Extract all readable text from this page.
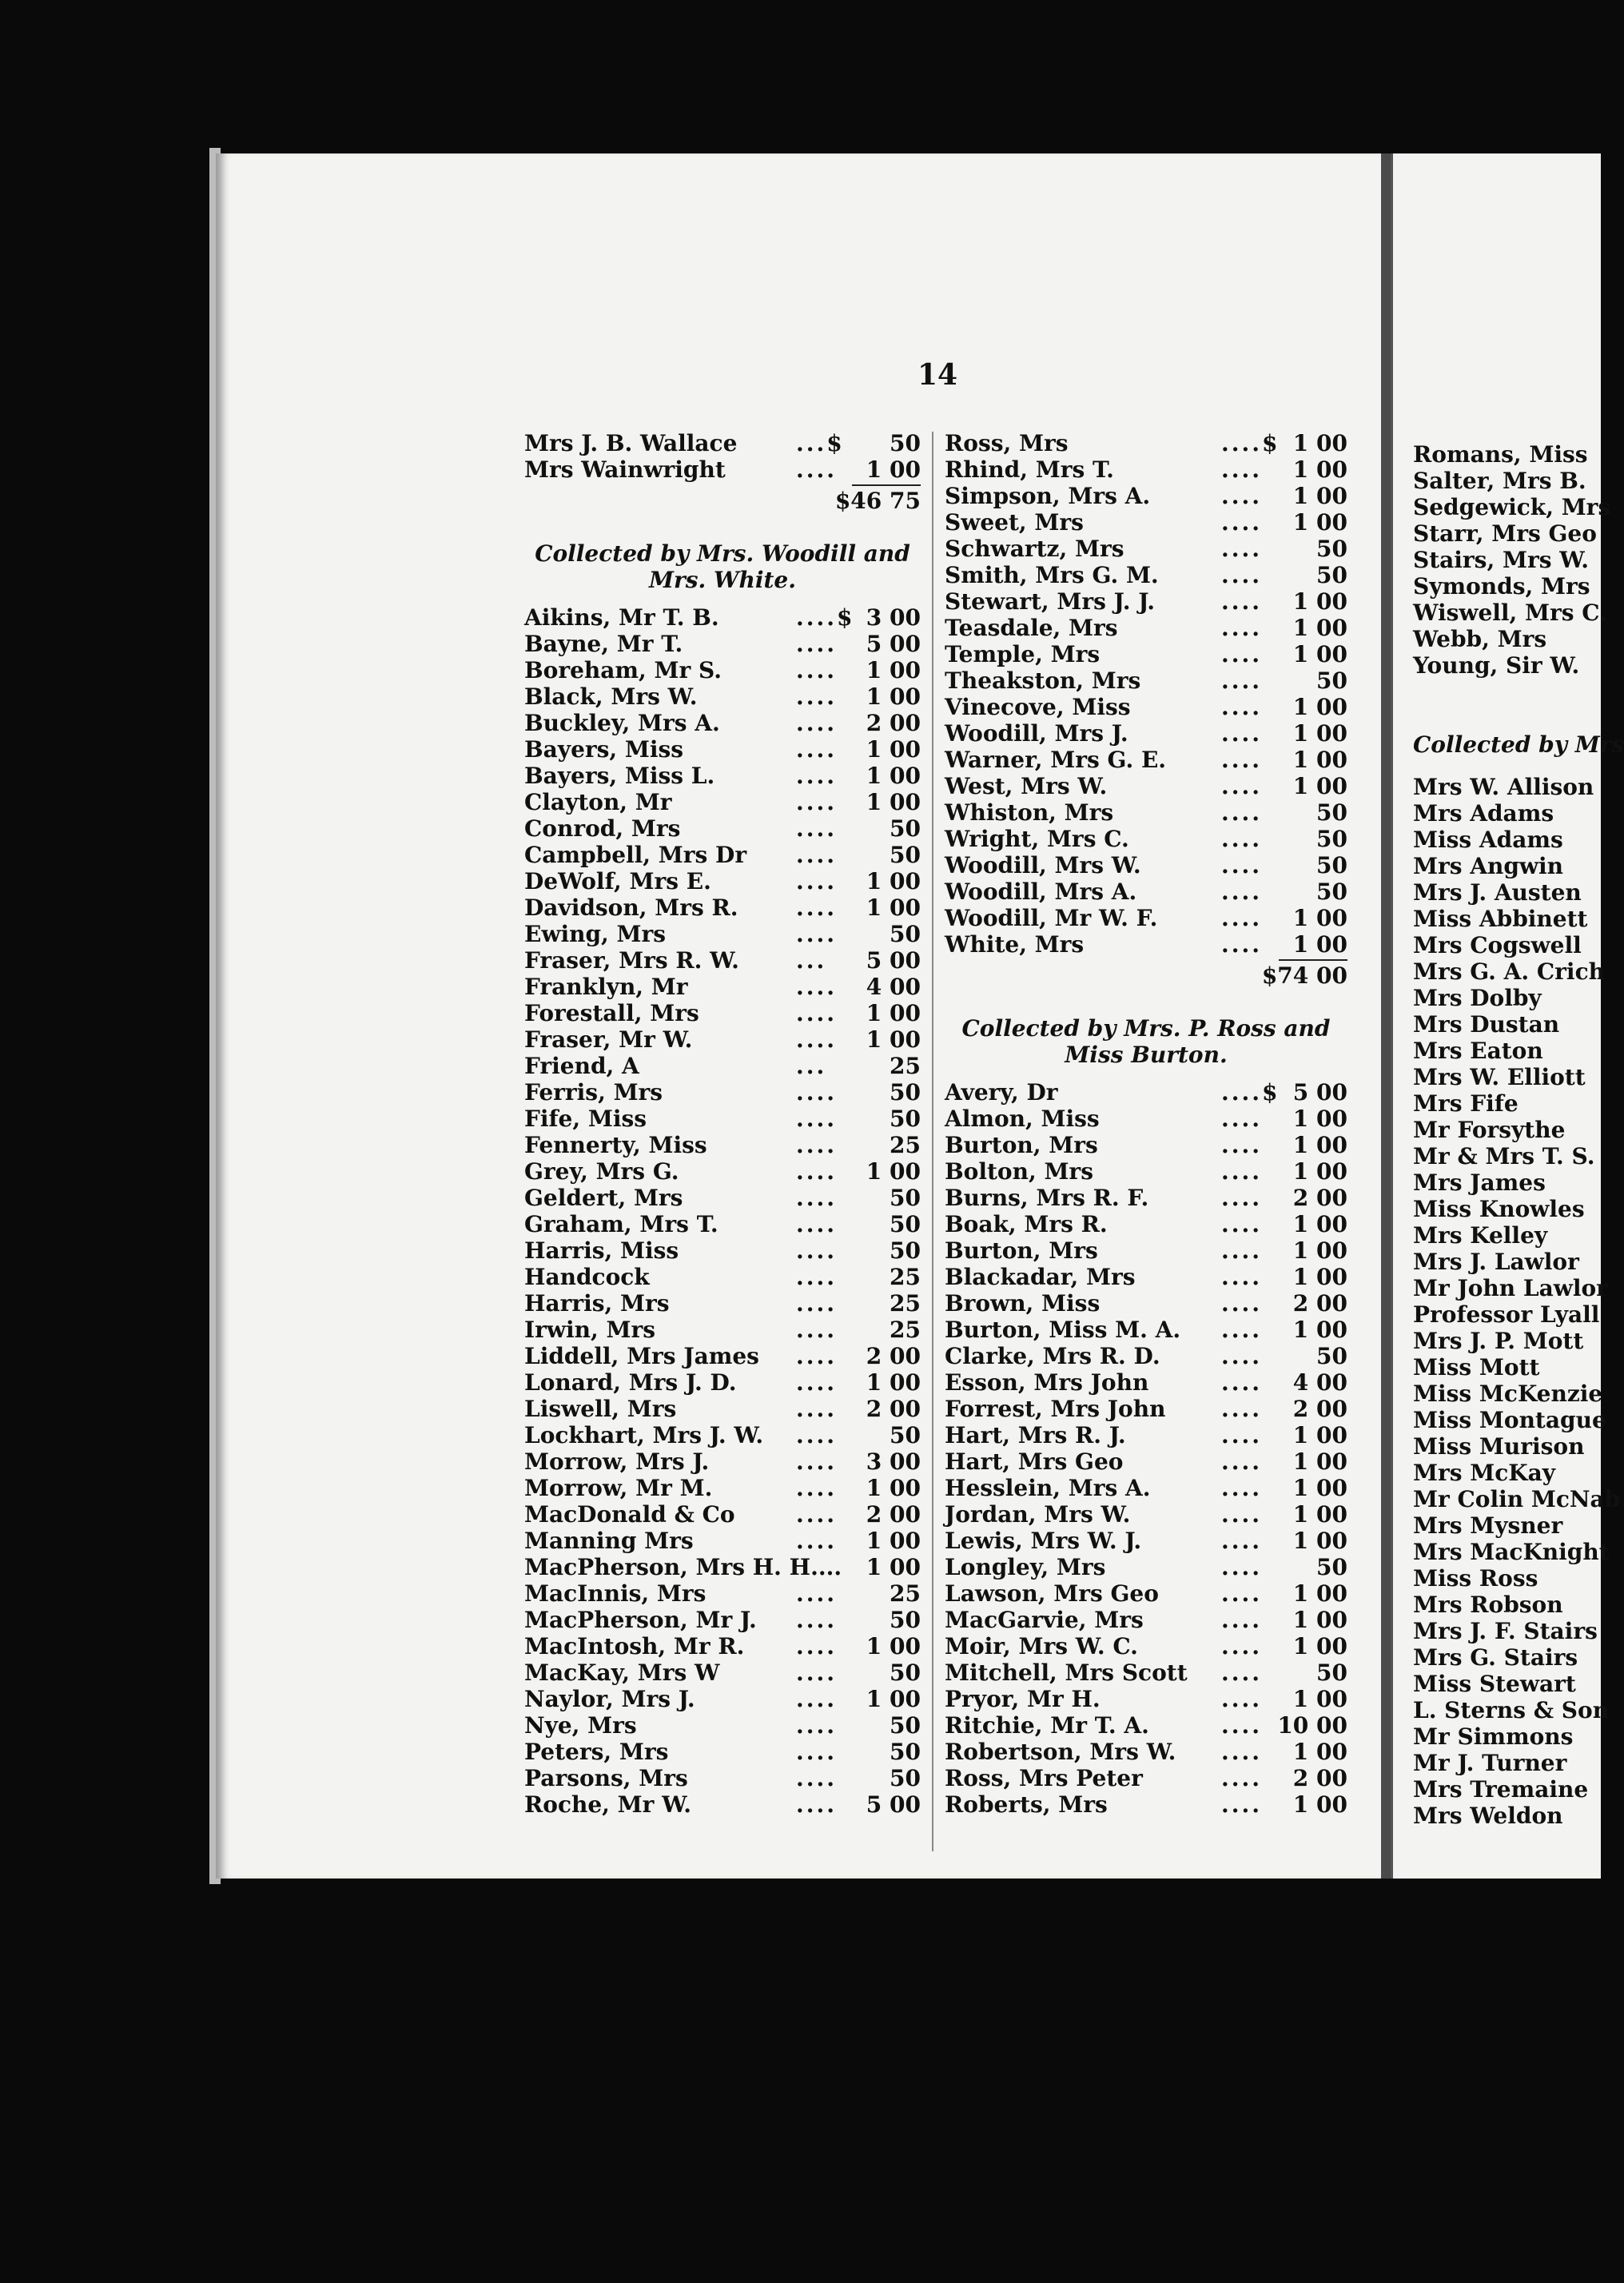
14
Mrs J. B. Wallace	...$ 50
Mrs Wainwright	.... 1 00
$46 75
Collected by Mrs. Woodill and
Mrs. White.
Aikins, Mr T. B.	....$ 3 00
Bayne, Mr T.	.... 5 00
Boreham, Mr S.	.... 1 00
Black, Mrs W.	.... 1 00
Buckley, Mrs A.	.... 2 00
Bayers, Miss	.... 1 00
Bayers, Miss L.	.... 1 00
Clayton, Mr	.... 1 00
Conrod, Mrs	.... 50
Campbell, Mrs Dr .... 50
DeWolf, Mrs E.	.... 1 00
Davidson, Mrs R.	.... 1 00
Ewing, Mrs	.... 50
Fraser, Mrs R. W.	... 5 00
Franklyn, Mr	.... 4 00
Forestall, Mrs	.... 1 00
Fraser, Mr W.	.... 1 00
Friend, A	...	25
Ferris, Mrs	.... 50
Fife, Miss	.... 50
Fennerty, Miss	.... 25
Grey, Mrs G.	.... 1 00
Geldert, Mrs	.... 50
Graham, Mrs T.	.... 50
Harris, Miss	.... 50
Handcock	.... 25
Harris, Mrs	.... 25
Irwin, Mrs	.... 25
Liddell, Mrs James .... 2 00
Lonard, Mrs J. D.	.... 1 00
Liswell, Mrs	.... 2 00
Lockhart, Mrs J. W. .... 50
Morrow, Mrs J.	.... 3 00
Morrow, Mr M.	.... 1 00
MacDonald & Co	.... 2 00
Manning Mrs	.... 1 00
MacPherson, Mrs H. H.... 1 00
MacInnis, Mrs	.... 25
MacPherson, Mr J. .... 50
MacIntosh, Mr R. .... 1 00
MacKay, Mrs W	.... 50
Naylor, Mrs J.	.... 1 00
Nye, Mrs	.... 50
Peters, Mrs	.... 50
Parsons, Mrs	.... 50
Roche, Mr W.	.... 5 00
Ross, Mrs	....$ 1 00
Rhind, Mrs T.	.... 1 00
Simpson, Mrs A.	.... 1 00
Sweet, Mrs	.... 1 00
Schwartz, Mrs	.... 50
Smith, Mrs G. M.	.... 50
Stewart, Mrs J. J.	.... 1 00
Teasdale, Mrs	.... 1 00
Temple, Mrs	.... 1 00
Theakston, Mrs	.... 50
Vinecove, Miss	.... 1 00
Woodill, Mrs J.	.... 1 00
Warner, Mrs G. E. .... 1 00
West, Mrs W.	.... 1 00
Whiston, Mrs	.... 50
Wright, Mrs C.	.... 50
Woodill, Mrs W.	.... 50
Woodill, Mrs A.	.... 50
Woodill, Mr W. F.	.... 1 00
White, Mrs	.... 1 00
$74 00
Collected by Mrs. P. Ross and
Miss Burton.
Avery, Dr	....$ 5 00
Almon, Miss	.... 1 00
Burton, Mrs	.... 1 00
Bolton, Mrs	.... 1 00
Burns, Mrs R. F.	.... 2 00
Boak, Mrs R.	.... 1 00
Burton, Mrs	.... 1 00
Blackadar, Mrs	.... 1 00
Brown, Miss	.... 2 00
Burton, Miss M. A. .... 1 00
Clarke, Mrs R. D.	.... 50
Esson, Mrs John	.... 4 00
Forrest, Mrs John .... 2 00
Hart, Mrs R. J.	.... 1 00
Hart, Mrs Geo	.... 1 00
Hesslein, Mrs A.	.... 1 00
Jordan, Mrs W.	.... 1 00
Lewis, Mrs W. J.	.... 1 00
Longley, Mrs	.... 50
Lawson, Mrs Geo	.... 1 00
MacGarvie, Mrs	.... 1 00
Moir, Mrs W. C.	.... 1 00
Mitchell, Mrs Scott .... 50
Pryor, Mr H.	.... 1 00
Ritchie, Mr T. A.	.... 10 00
Robertson, Mrs W. .... 1 00
Ross, Mrs Peter	.... 2 00
Roberts, Mrs	.... 1 00
Romans, Miss
Salter, Mrs B.
Sedgewick, Mrs
Starr, Mrs Geo
Stairs, Mrs W.
Symonds, Mrs
Wiswell, Mrs C.
Webb, Mrs
Young, Sir W.
Collected by Mrs
Mrs W. Allison
Mrs Adams
Miss Adams
Mrs Angwin
Mrs J. Austen
Miss Abbinett
Mrs Cogswell
Mrs G. A. Crich
Mrs Dolby
Mrs Dustan
Mrs Eaton
Mrs W. Elliott
Mrs Fife
Mr Forsythe
Mr & Mrs T. S.
Mrs James
Miss Knowles
Mrs Kelley
Mrs J. Lawlor
Mr John Lawlor
Professor Lyall
Mrs J. P. Mott
Miss Mott
Miss McKenzie
Miss Montague
Miss Murison
Mrs McKay
Mr Colin McNab
Mrs Mysner
Mrs MacKnight
Miss Ross
Mrs Robson
Mrs J. F. Stairs
Mrs G. Stairs
Miss Stewart
L. Sterns & Son
Mr Simmons
Mr J. Turner
Mrs Tremaine
Mrs Weldon
